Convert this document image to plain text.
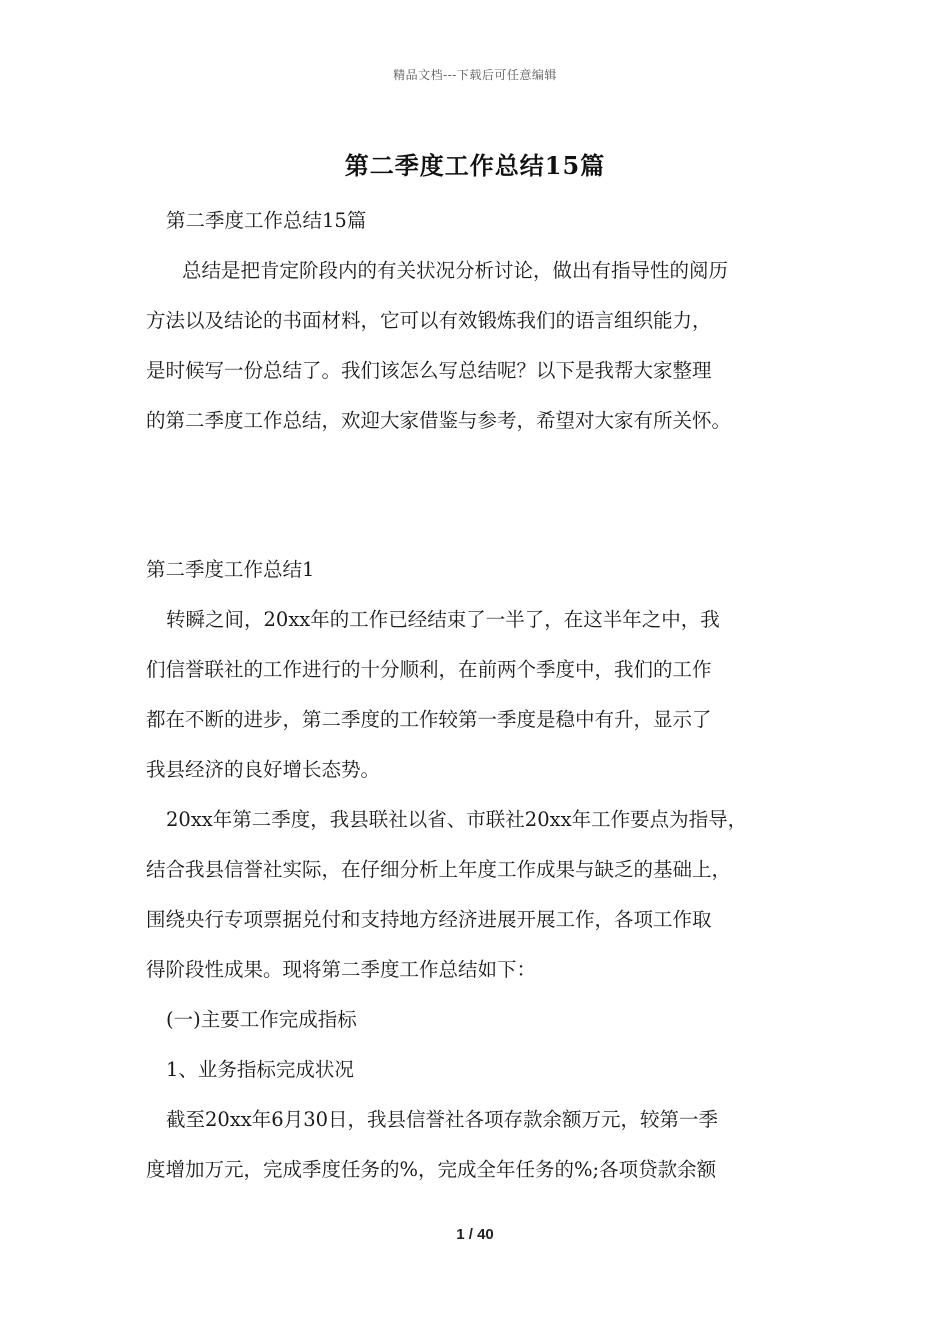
精品文档---下载后可任意编辑
第二季度工作总结15篇
第二季度工作总结15篇
总结是把肯定阶段内的有关状况分析讨论，做出有指导性的阅历
方法以及结论的书面材料，它可以有效锻炼我们的语言组织能力，
是时候写一份总结了。我们该怎么写总结呢？以下是我帮大家整理
的第二季度工作总结，欢迎大家借鉴与参考，希望对大家有所关怀。
第二季度工作总结1
转瞬之间，20xx年的工作已经结束了一半了，在这半年之中，我
们信誉联社的工作进行的十分顺利，在前两个季度中，我们的工作
都在不断的进步，第二季度的工作较第一季度是稳中有升，显示了
我县经济的良好增长态势。
20xx年第二季度，我县联社以省、市联社20xx年工作要点为指导，
结合我县信誉社实际，在仔细分析上年度工作成果与缺乏的基础上，
围绕央行专项票据兑付和支持地方经济进展开展工作，各项工作取
得阶段性成果。现将第二季度工作总结如下：
(一)主要工作完成指标
1、业务指标完成状况
截至20xx年6月30日，我县信誉社各项存款余额万元，较第一季
度增加万元，完成季度任务的%，完成全年任务的%;各项贷款余额
1 / 40
